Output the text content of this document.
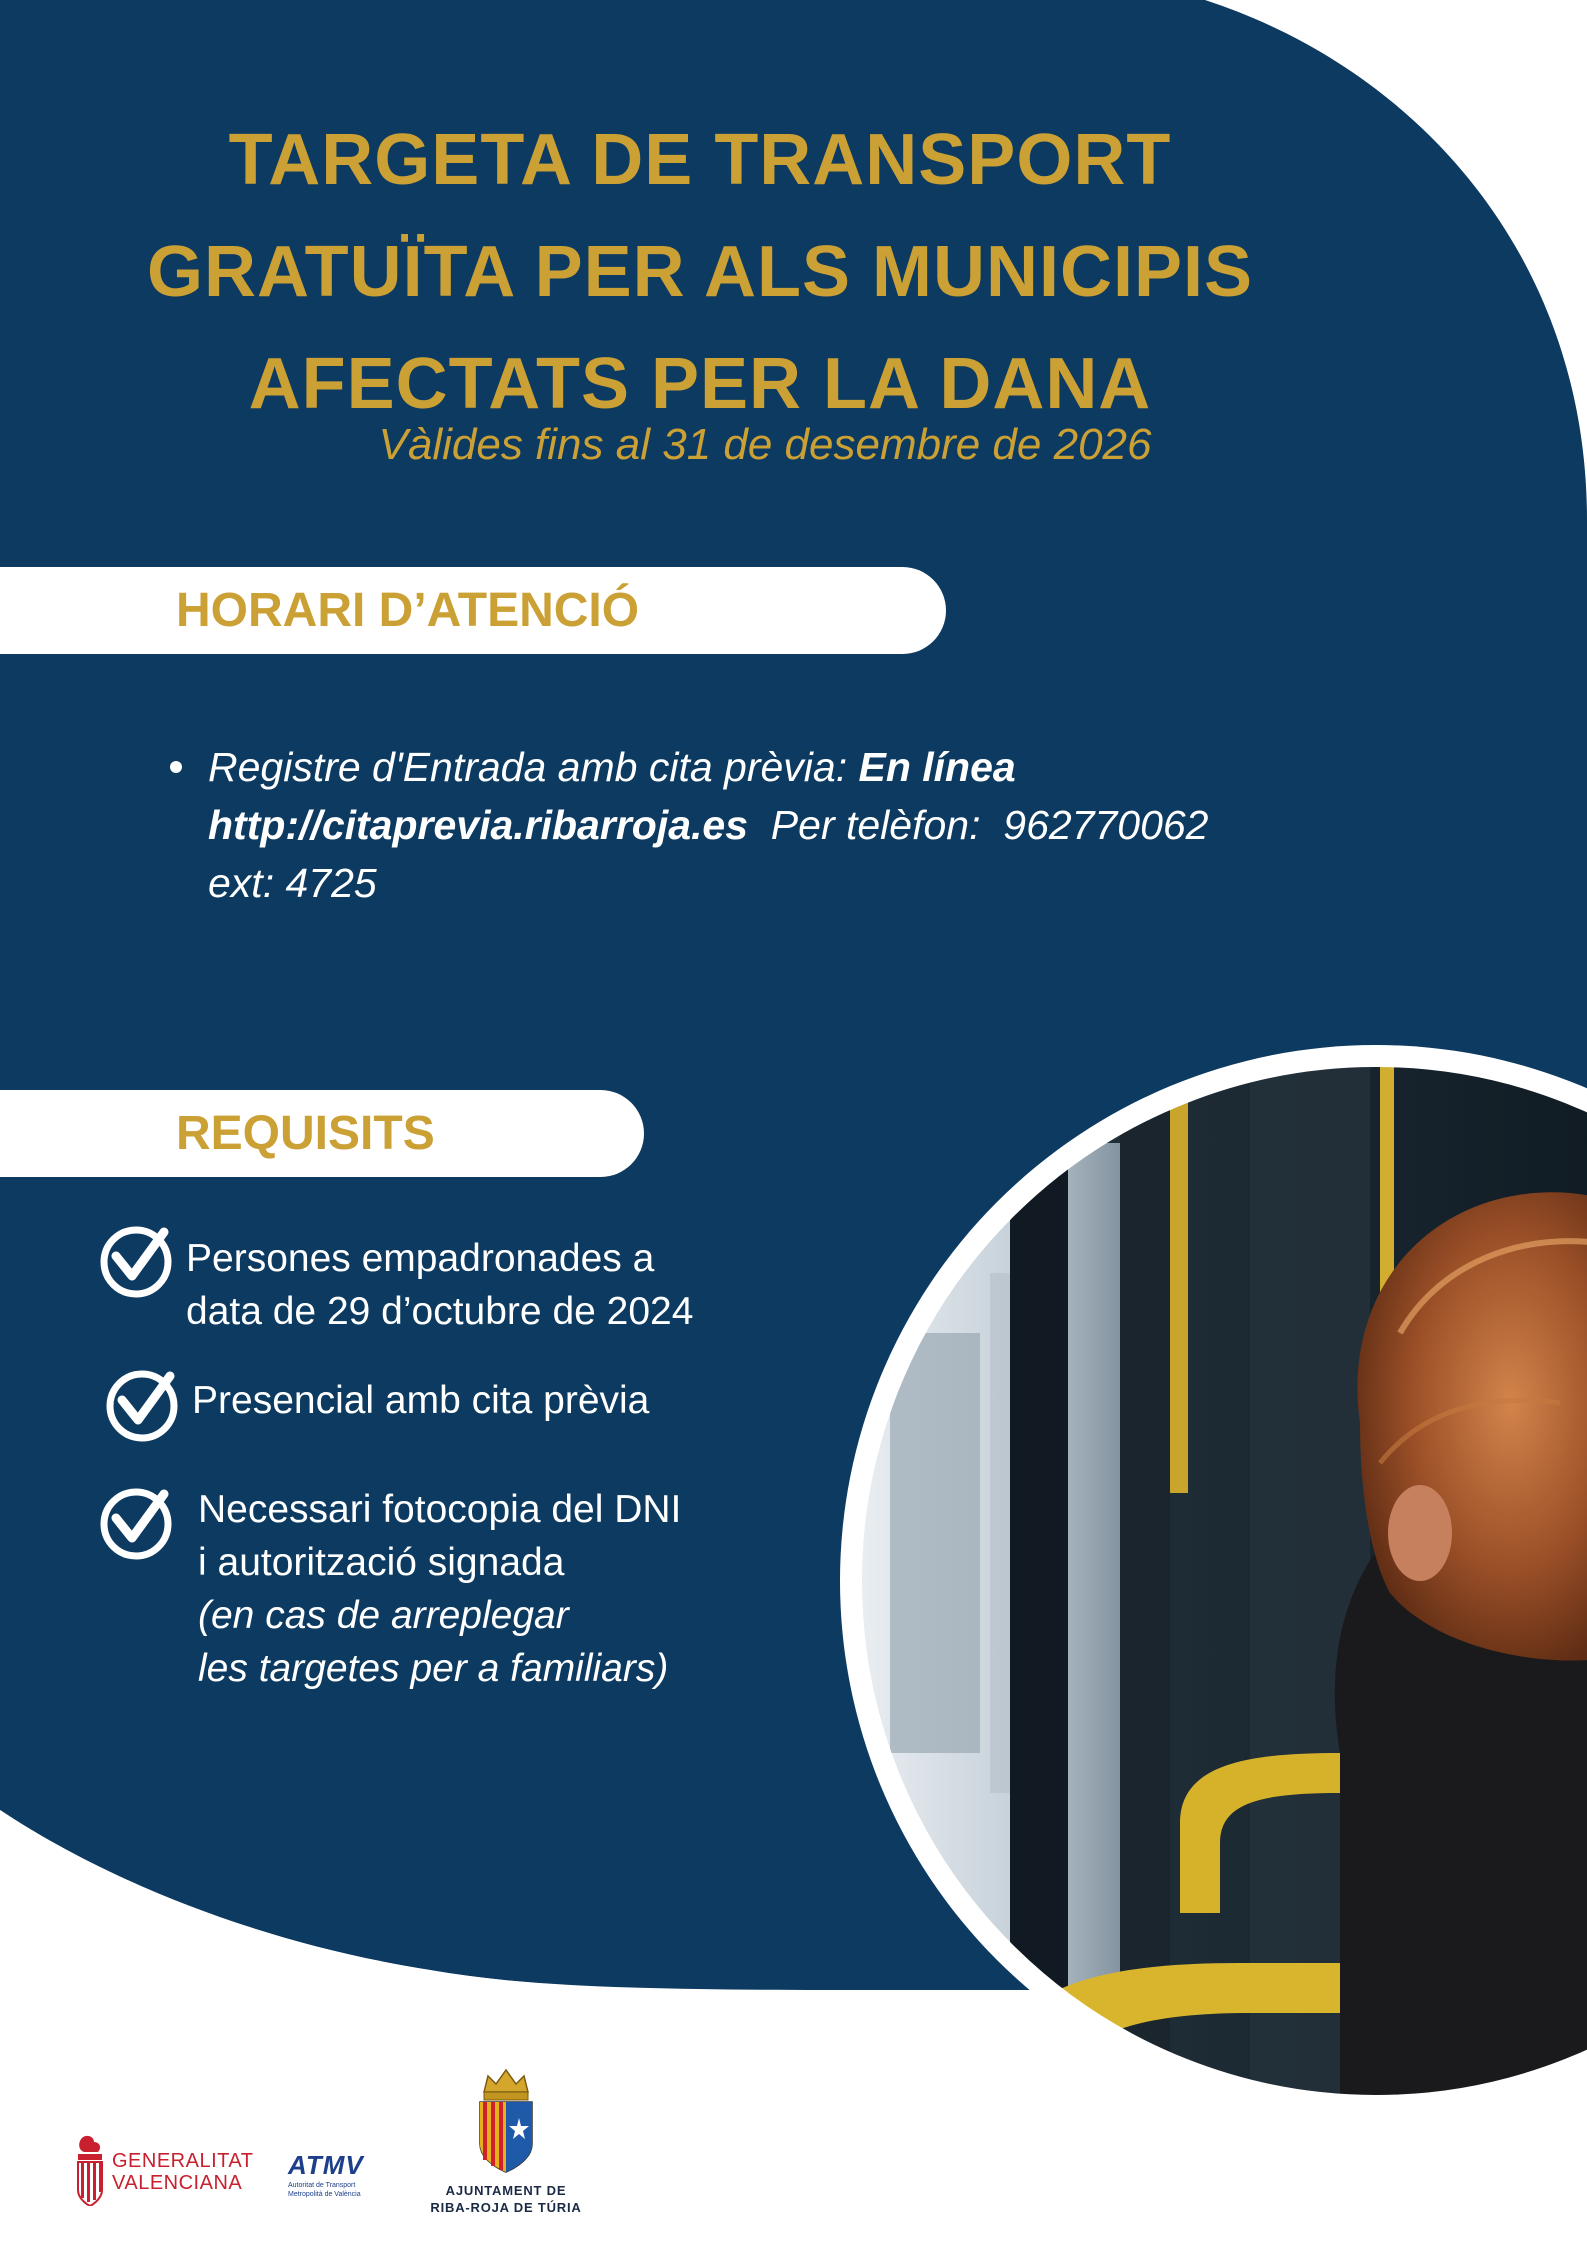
TARGETA DE TRANSPORT
GRATUÏTA PER ALS MUNICIPIS
AFECTATS PER LA DANA
Vàlides fins al 31 de desembre de 2026
HORARI D’ATENCIÓ
Registre d'Entrada amb cita prèvia: En línea
http://citaprevia.ribarroja.es  Per telèfon:  962770062
ext: 4725
REQUISITS
Persones empadronades a
data de 29 d’octubre de 2024
Presencial amb cita prèvia
Necessari fotocopia del DNI
i autorització signada
(en cas de arreplegar
les targetes per a familiars)
GENERALITAT
VALENCIANA
ATMV
Autoritat de Transport
Metropolità de València	AJUNTAMENT DE
RIBA-ROJA DE TÚRIA
